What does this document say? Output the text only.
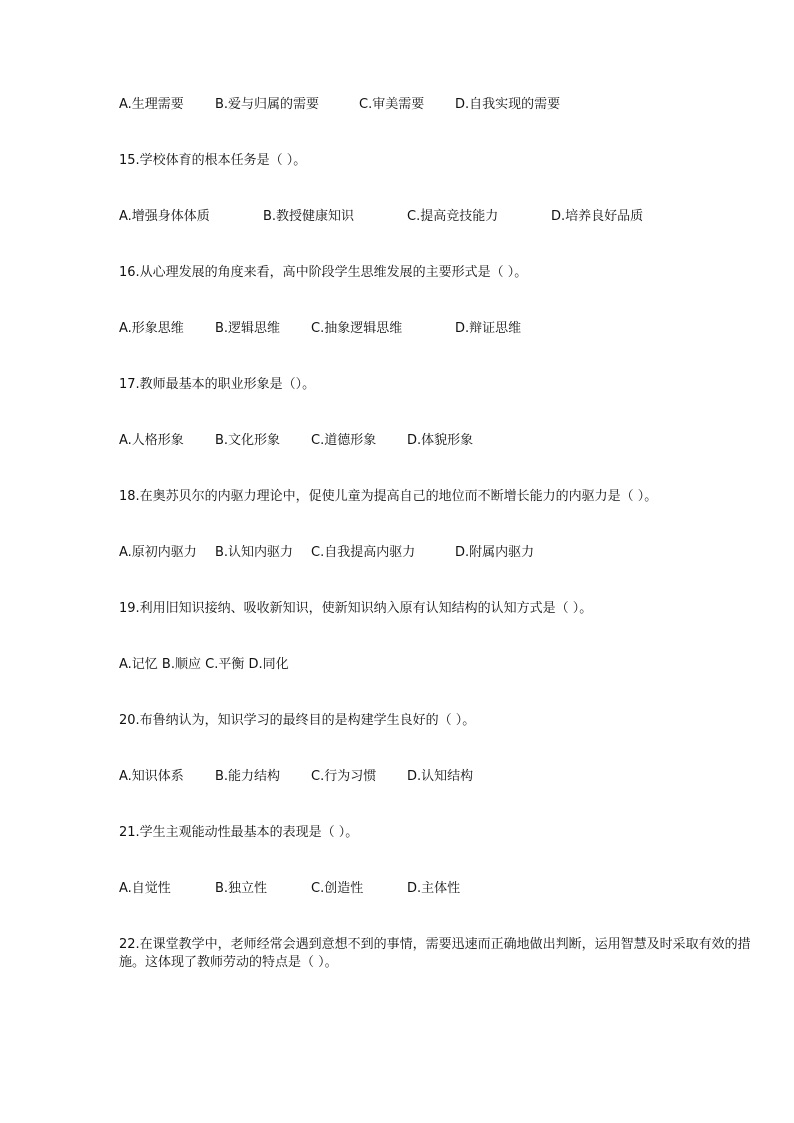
A.生理需要 B.爱与归属的需要	C.审美需要 D.自我实现的需要
15.学校体育的根本任务是（ ）。
A.增强身体体质	B.教授健康知识	C.提高竞技能力	D.培养良好品质
16.从心理发展的角度来看，高中阶段学生思维发展的主要形式是（ ）。
A.形象思维 B.逻辑思维 C.抽象逻辑思维	D.辩证思维
17.教师最基本的职业形象是（）。
A.人格形象 B.文化形象 C.道德形象 D.体貌形象
18.在奥苏贝尔的内驱力理论中，促使儿童为提高自己的地位而不断增长能力的内驱力是（ ）。
A.原初内驱力 B.认知内驱力 C.自我提高内驱力	D.附属内驱力
19.利用旧知识接纳、吸收新知识，使新知识纳入原有认知结构的认知方式是（ ）。
A.记忆 B.顺应 C.平衡 D.同化
20.布鲁纳认为，知识学习的最终目的是构建学生良好的（ ）。
A.知识体系 B.能力结构 C.行为习惯 D.认知结构
21.学生主观能动性最基本的表现是（ ）。
A.自觉性	B.独立性	C.创造性	D.主体性
22.在课堂教学中，老师经常会遇到意想不到的事情，需要迅速而正确地做出判断，运用智慧及时采取有效的措施。这体现了教师劳动的特点是（ ）。
